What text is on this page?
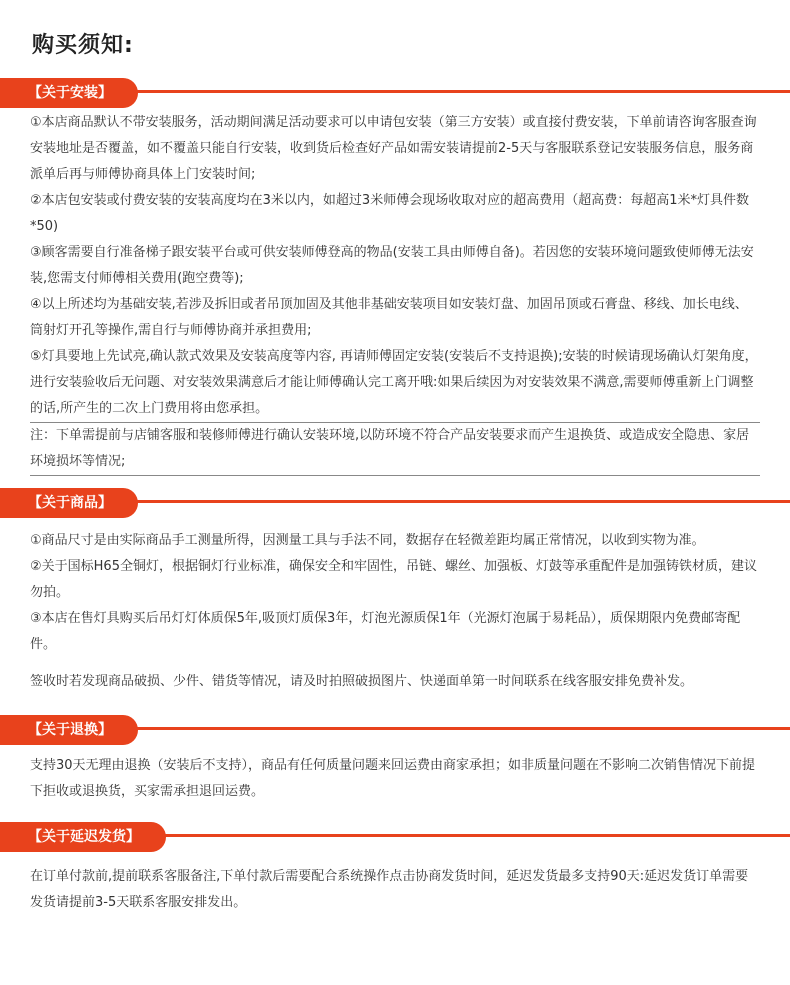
购买须知:
【关于安装】

①本店商品默认不带安装服务，活动期间满足活动要求可以申请包安装（第三方安装）或直接付费安装，下单前请咨询客服查询安装地址是否覆盖，如不覆盖只能自行安装，收到货后检查好产品如需安装请提前2-5天与客服联系登记安装服务信息，服务商派单后再与师傅协商具体上门安装时间;

②本店包安装或付费安装的安装高度均在3米以内，如超过3米师傅会现场收取对应的超高费用（超高费：每超高1米*灯具件数*50)

③顾客需要自行准备梯子跟安装平台或可供安装师傅登高的物品(安装工具由师傅自备)。若因您的安装环境问题致使师傅无法安装,您需支付师傅相关费用(跑空费等);

④以上所述均为基础安装,若涉及拆旧或者吊顶加固及其他非基础安装项目如安装灯盘、加固吊顶或石膏盘、移线、加长电线、筒射灯开孔等操作,需自行与师傅协商并承担费用;

⑤灯具要地上先试亮,确认款式效果及安装高度等内容, 再请师傅固定安装(安装后不支持退换);安装的时候请现场确认灯架角度，进行安装验收后无问题、对安装效果满意后才能让师傅确认完工离开哦:如果后续因为对安装效果不满意,需要师傅重新上门调整的话,所产生的二次上门费用将由您承担。

注：下单需提前与店铺客服和装修师傅进行确认安装环境,以防环境不符合产品安装要求而产生退换货、或造成安全隐患、家居环境损坏等情况;

【关于商品】

①商品尺寸是由实际商品手工测量所得，因测量工具与手法不同，数据存在轻微差距均属正常情况，以收到实物为准。

②关于国标H65全铜灯，根据铜灯行业标准，确保安全和牢固性，吊链、螺丝、加强板、灯鼓等承重配件是加强铸铁材质，建议勿拍。

③本店在售灯具购买后吊灯灯体质保5年,吸顶灯质保3年，灯泡光源质保1年（光源灯泡属于易耗品），质保期限内免费邮寄配件。

签收时若发现商品破损、少件、错货等情况，请及时拍照破损图片、快递面单第一时间联系在线客服安排免费补发。

【关于退换】

支持30天无理由退换（安装后不支持），商品有任何质量问题来回运费由商家承担；如非质量问题在不影响二次销售情况下前提下拒收或退换货，买家需承担退回运费。

【关于延迟发货】

在订单付款前,提前联系客服备注,下单付款后需要配合系统操作点击协商发货时间，延迟发货最多支持90天:延迟发货订单需要发货请提前3-5天联系客服安排发出。
